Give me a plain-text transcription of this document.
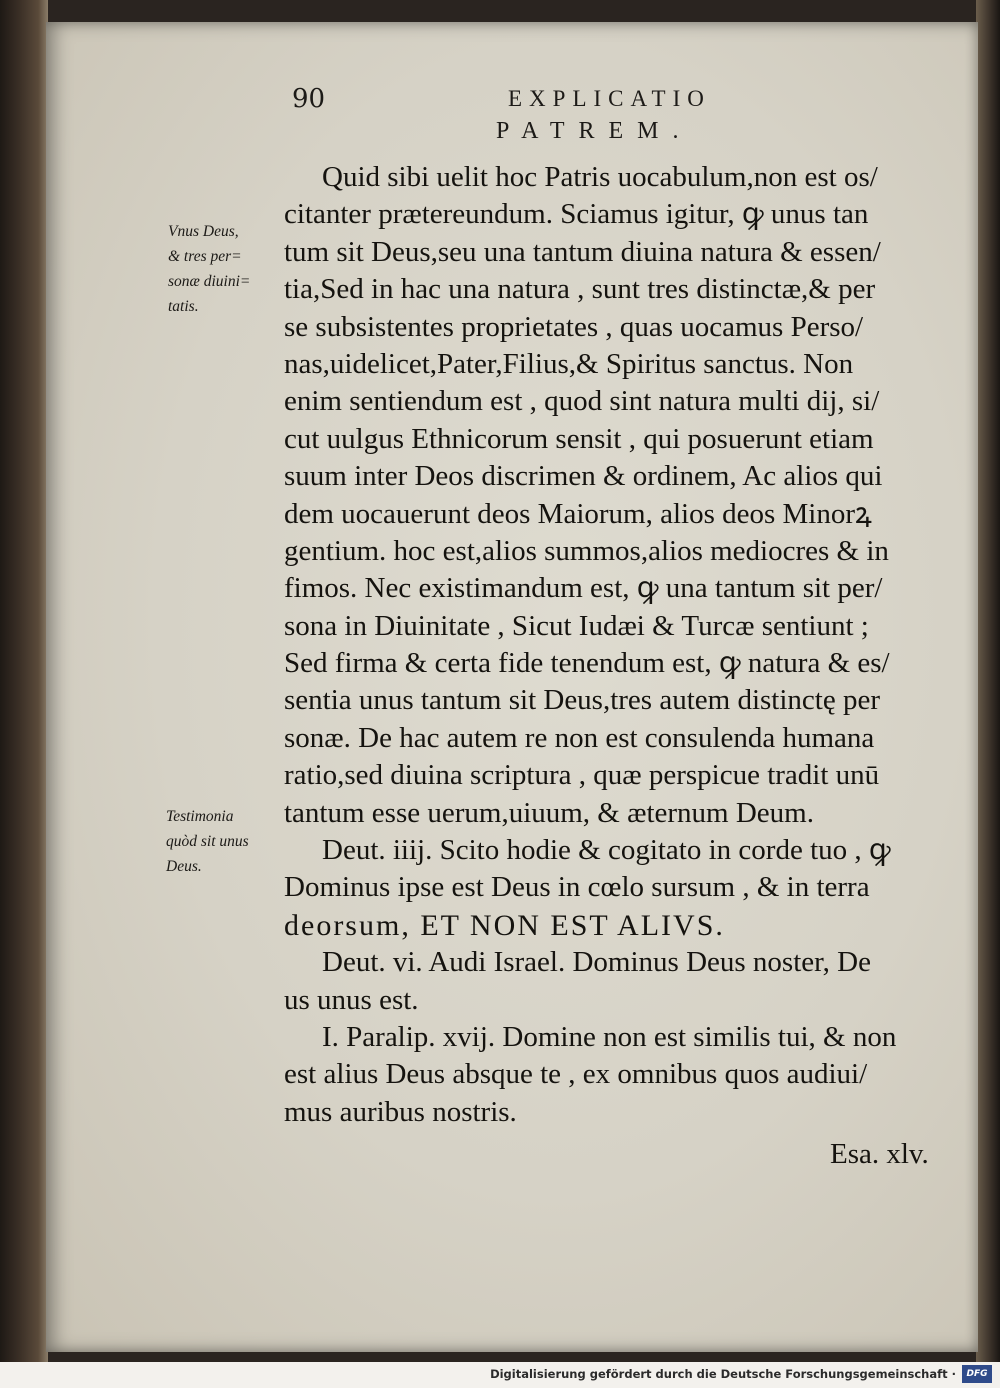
90	EXPLICATIO
PATREM.
Vnus Deus,
& tres per=
sonæ diuini=
tatis.
Testimonia
quòd sit unus
Deus.
Quid sibi uelit hoc Patris uocabulum,non est os/
citanter prætereundum. Sciamus igitur, ꝙ unus tan
tum sit Deus,seu una tantum diuina natura & essen/
tia,Sed in hac una natura , sunt tres distinctæ,& per
se subsistentes proprietates , quas uocamus Perso/
nas,uidelicet,Pater,Filius,& Spiritus sanctus. Non
enim sentiendum est , quod sint natura multi dij, si/
cut uulgus Ethnicorum sensit , qui posuerunt etiam
suum inter Deos discrimen & ordinem, Ac alios qui
dem uocauerunt deos Maiorum, alios deos Minorꝝ
gentium. hoc est,alios summos,alios mediocres & in
fimos. Nec existimandum est, ꝙ una tantum sit per/
sona in Diuinitate , Sicut Iudæi & Turcæ sentiunt ;
Sed firma & certa fide tenendum est, ꝙ natura & es/
sentia unus tantum sit Deus,tres autem distinctę per
sonæ. De hac autem re non est consulenda humana
ratio,sed diuina scriptura , quæ perspicue tradit unū
tantum esse uerum,uiuum, & æternum Deum.
Deut. iiij. Scito hodie & cogitato in corde tuo , ꝙ
Dominus ipse est Deus in cœlo sursum , & in terra
deorsum, ET NON EST ALIVS.
Deut. vi. Audi Israel. Dominus Deus noster, De
us unus est.
I. Paralip. xvij. Domine non est similis tui, & non
est alius Deus absque te , ex omnibus quos audiui/
mus auribus nostris.
Esa. xlv.
Digitalisierung gefördert durch die Deutsche Forschungsgemeinschaft ·	DFG
